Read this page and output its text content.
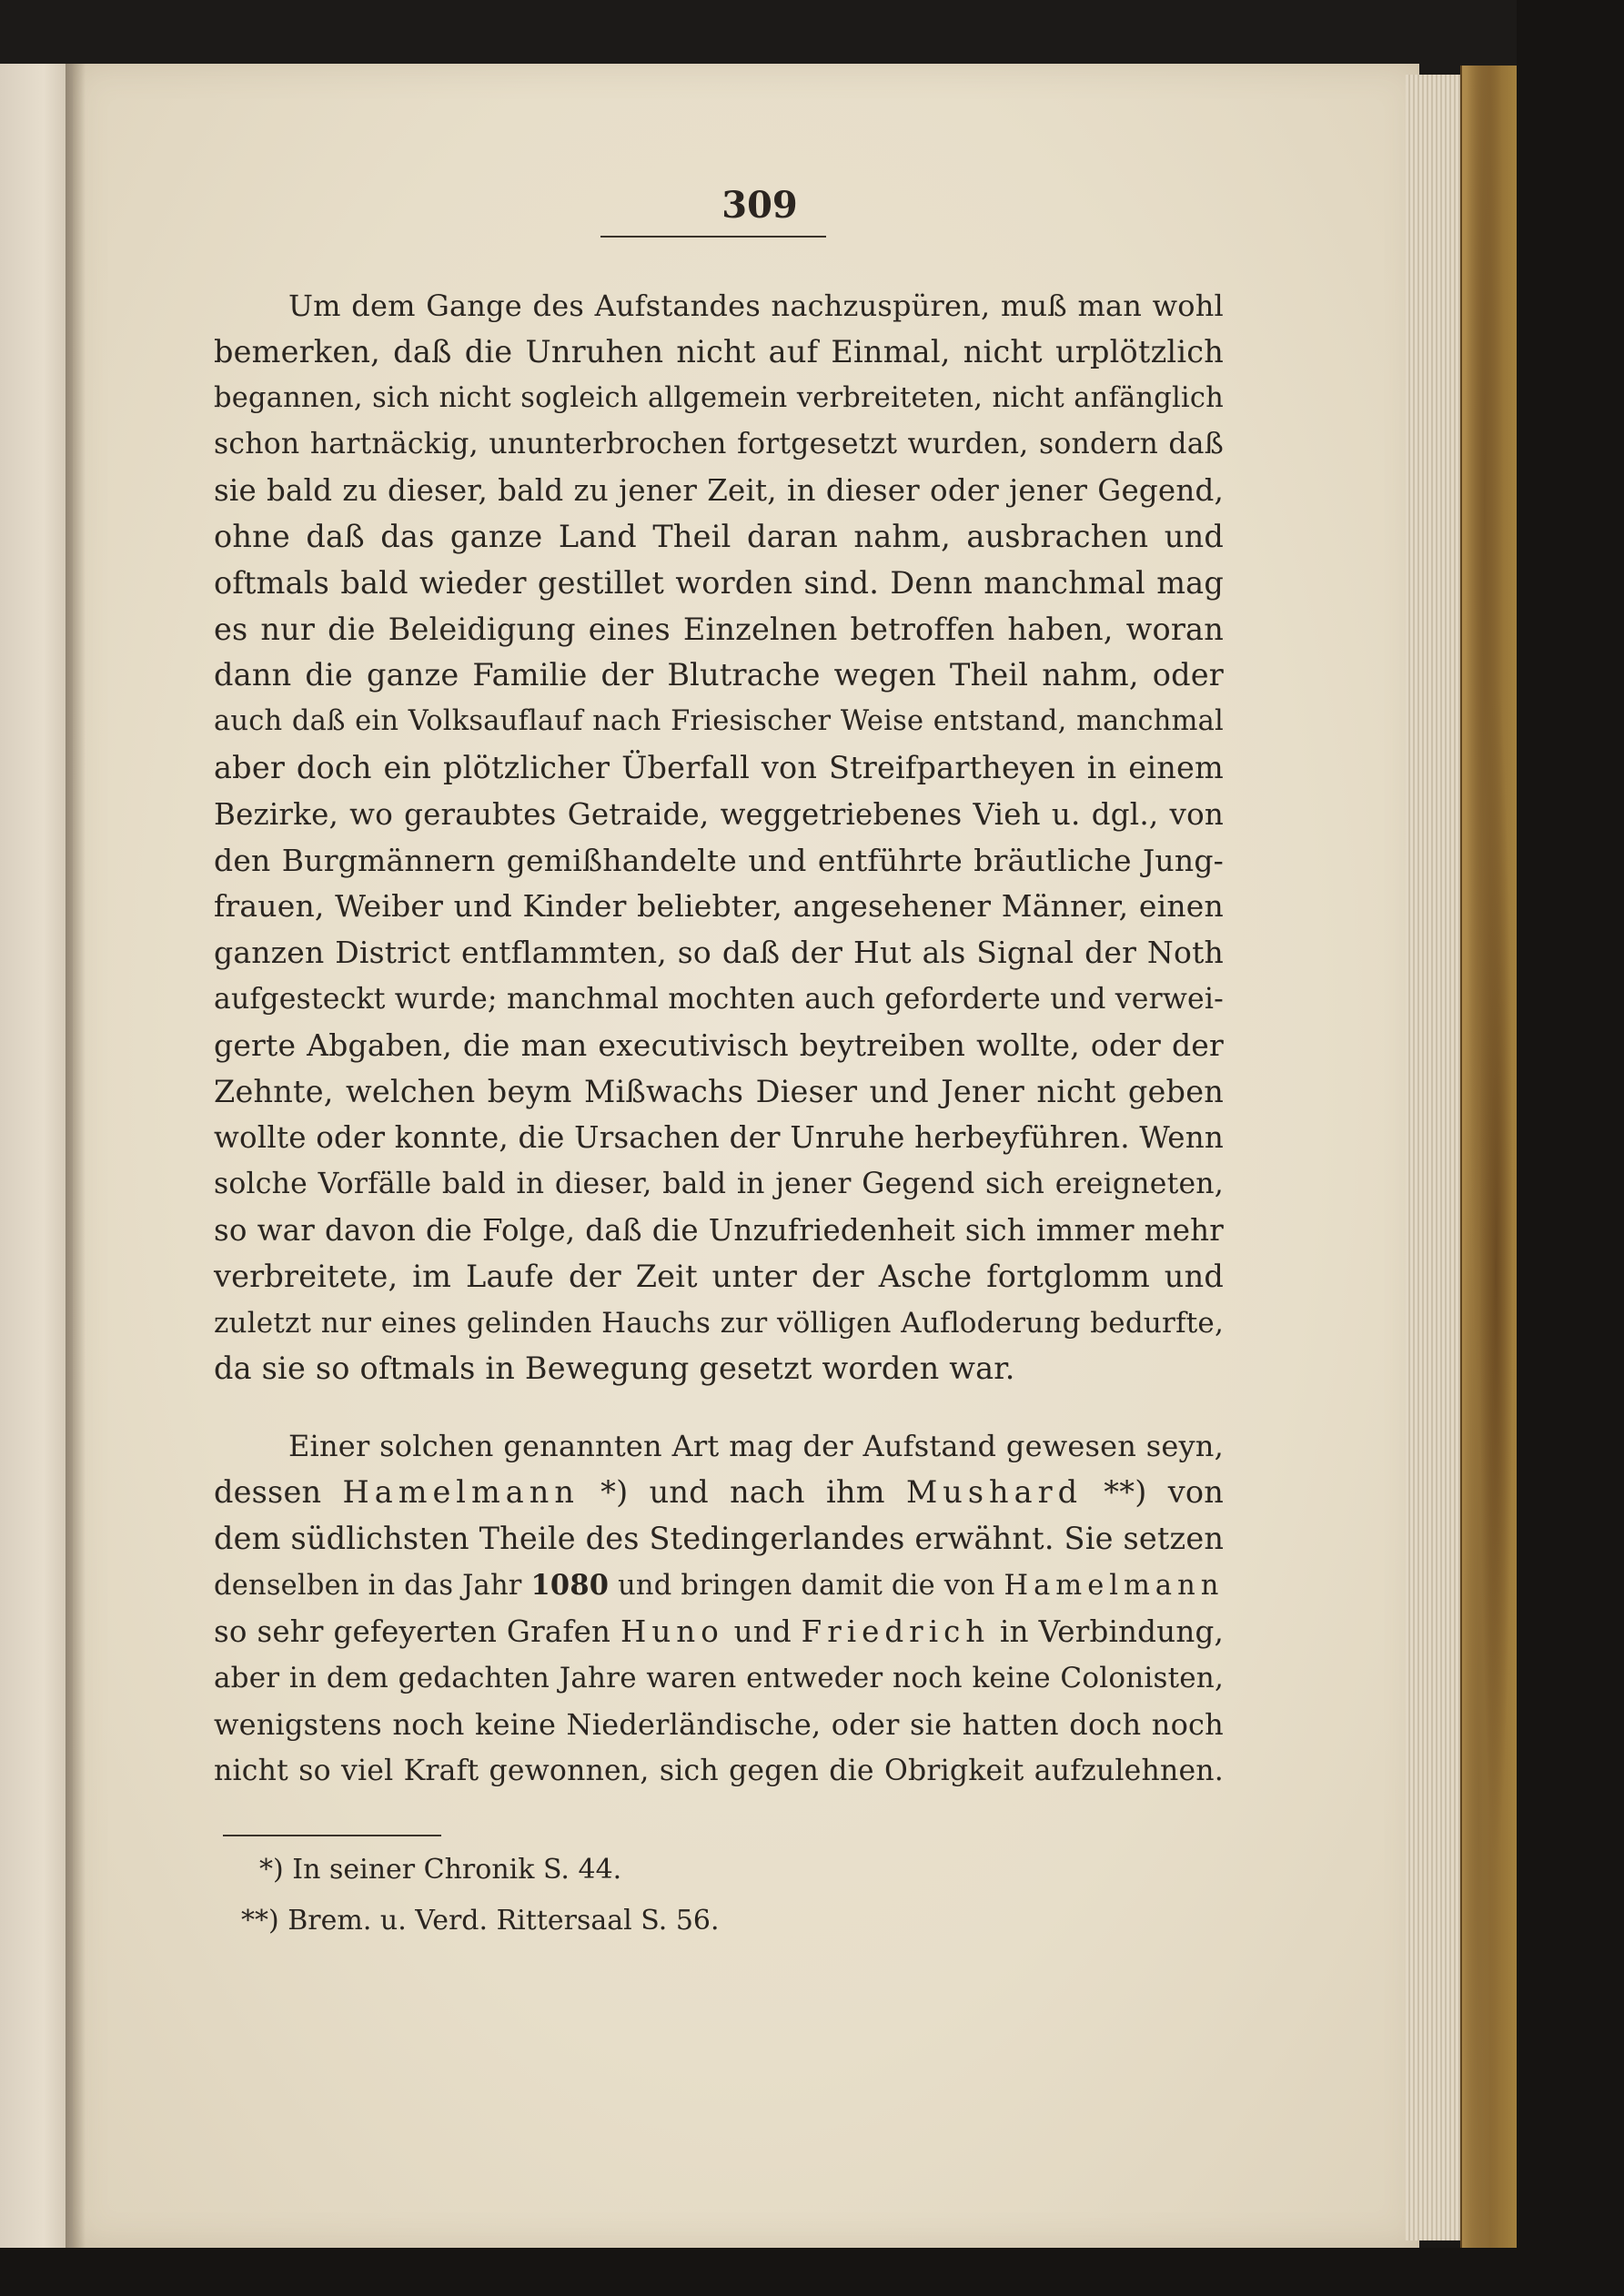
309
Um dem Gange des Aufstandes nachzuspüren, muß man wohl
bemerken, daß die Unruhen nicht auf Einmal, nicht urplötzlich
begannen, sich nicht sogleich allgemein verbreiteten, nicht anfänglich
schon hartnäckig, ununterbrochen fortgesetzt wurden, sondern daß
sie bald zu dieser, bald zu jener Zeit, in dieser oder jener Gegend,
ohne daß das ganze Land Theil daran nahm, ausbrachen und
oftmals bald wieder gestillet worden sind. Denn manchmal mag
es nur die Beleidigung eines Einzelnen betroffen haben, woran
dann die ganze Familie der Blutrache wegen Theil nahm, oder
auch daß ein Volksauflauf nach Friesischer Weise entstand, manchmal
aber doch ein plötzlicher Überfall von Streifpartheyen in einem
Bezirke, wo geraubtes Getraide, weggetriebenes Vieh u. dgl., von
den Burgmännern gemißhandelte und entführte bräutliche Jung-
frauen, Weiber und Kinder beliebter, angesehener Männer, einen
ganzen District entflammten, so daß der Hut als Signal der Noth
aufgesteckt wurde; manchmal mochten auch geforderte und verwei-
gerte Abgaben, die man executivisch beytreiben wollte, oder der
Zehnte, welchen beym Mißwachs Dieser und Jener nicht geben
wollte oder konnte, die Ursachen der Unruhe herbeyführen. Wenn
solche Vorfälle bald in dieser, bald in jener Gegend sich ereigneten,
so war davon die Folge, daß die Unzufriedenheit sich immer mehr
verbreitete, im Laufe der Zeit unter der Asche fortglomm und
zuletzt nur eines gelinden Hauchs zur völligen Aufloderung bedurfte,
da sie so oftmals in Bewegung gesetzt worden war.
Einer solchen genannten Art mag der Aufstand gewesen seyn,
dessen Hamelmann *) und nach ihm Mushard **) von
dem südlichsten Theile des Stedingerlandes erwähnt. Sie setzen
denselben in das Jahr 1080 und bringen damit die von Hamelmann
so sehr gefeyerten Grafen Huno und Friedrich in Verbindung,
aber in dem gedachten Jahre waren entweder noch keine Colonisten,
wenigstens noch keine Niederländische, oder sie hatten doch noch
nicht so viel Kraft gewonnen, sich gegen die Obrigkeit aufzulehnen.

*) In seiner Chronik S. 44.

**) Brem. u. Verd. Rittersaal S. 56.
